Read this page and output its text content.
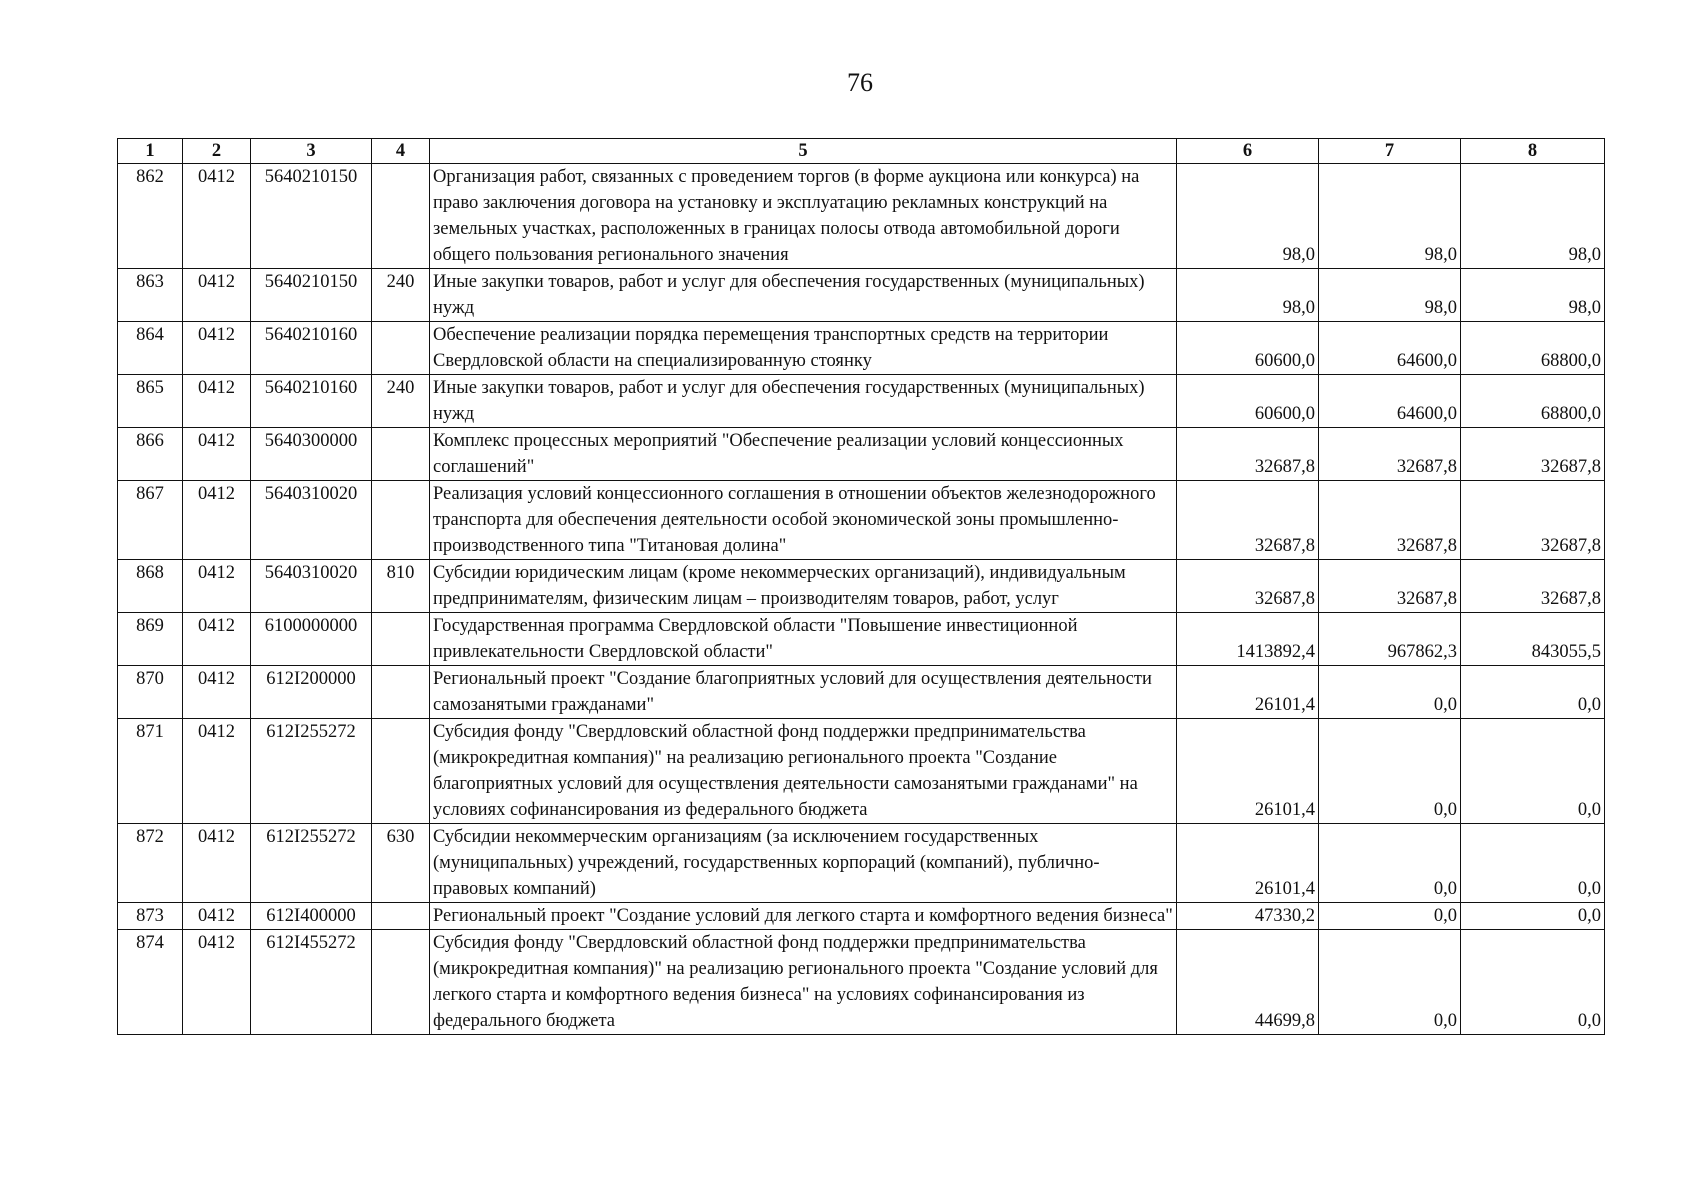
76
1	2	3	4	5	6	7	8
862	0412	5640210150		Организация работ, связанных с проведением торгов (в форме аукциона или конкурса) на право заключения договора на установку и эксплуатацию рекламных конструкций на земельных участках, расположенных в границах полосы отвода автомобильной дороги общего пользования регионального значения	98,0	98,0	98,0
863	0412	5640210150	240	Иные закупки товаров, работ и услуг для обеспечения государственных (муниципальных) нужд	98,0	98,0	98,0
864	0412	5640210160		Обеспечение реализации порядка перемещения транспортных средств на территории Свердловской области на специализированную стоянку	60600,0	64600,0	68800,0
865	0412	5640210160	240	Иные закупки товаров, работ и услуг для обеспечения государственных (муниципальных) нужд	60600,0	64600,0	68800,0
866	0412	5640300000		Комплекс процессных мероприятий "Обеспечение реализации условий концессионных соглашений"	32687,8	32687,8	32687,8
867	0412	5640310020		Реализация условий концессионного соглашения в отношении объектов железнодорожного транспорта для обеспечения деятельности особой экономической зоны промышленно-производственного типа "Титановая долина"	32687,8	32687,8	32687,8
868	0412	5640310020	810	Субсидии юридическим лицам (кроме некоммерческих организаций), индивидуальным предпринимателям, физическим лицам – производителям товаров, работ, услуг	32687,8	32687,8	32687,8
869	0412	6100000000		Государственная программа Свердловской области "Повышение инвестиционной привлекательности Свердловской области"	1413892,4	967862,3	843055,5
870	0412	612I200000		Региональный проект "Создание благоприятных условий для осуществления деятельности самозанятыми гражданами"	26101,4	0,0	0,0
871	0412	612I255272		Субсидия фонду "Свердловский областной фонд поддержки предпринимательства (микрокредитная компания)" на реализацию регионального проекта "Создание благоприятных условий для осуществления деятельности самозанятыми гражданами" на условиях софинансирования из федерального бюджета	26101,4	0,0	0,0
872	0412	612I255272	630	Субсидии некоммерческим организациям (за исключением государственных (муниципальных) учреждений, государственных корпораций (компаний), публично-правовых компаний)	26101,4	0,0	0,0
873	0412	612I400000		Региональный проект "Создание условий для легкого старта и комфортного ведения бизнеса"	47330,2	0,0	0,0
874	0412	612I455272		Субсидия фонду "Свердловский областной фонд поддержки предпринимательства (микрокредитная компания)" на реализацию регионального проекта "Создание условий для легкого старта и комфортного ведения бизнеса" на условиях софинансирования из федерального бюджета	44699,8	0,0	0,0
